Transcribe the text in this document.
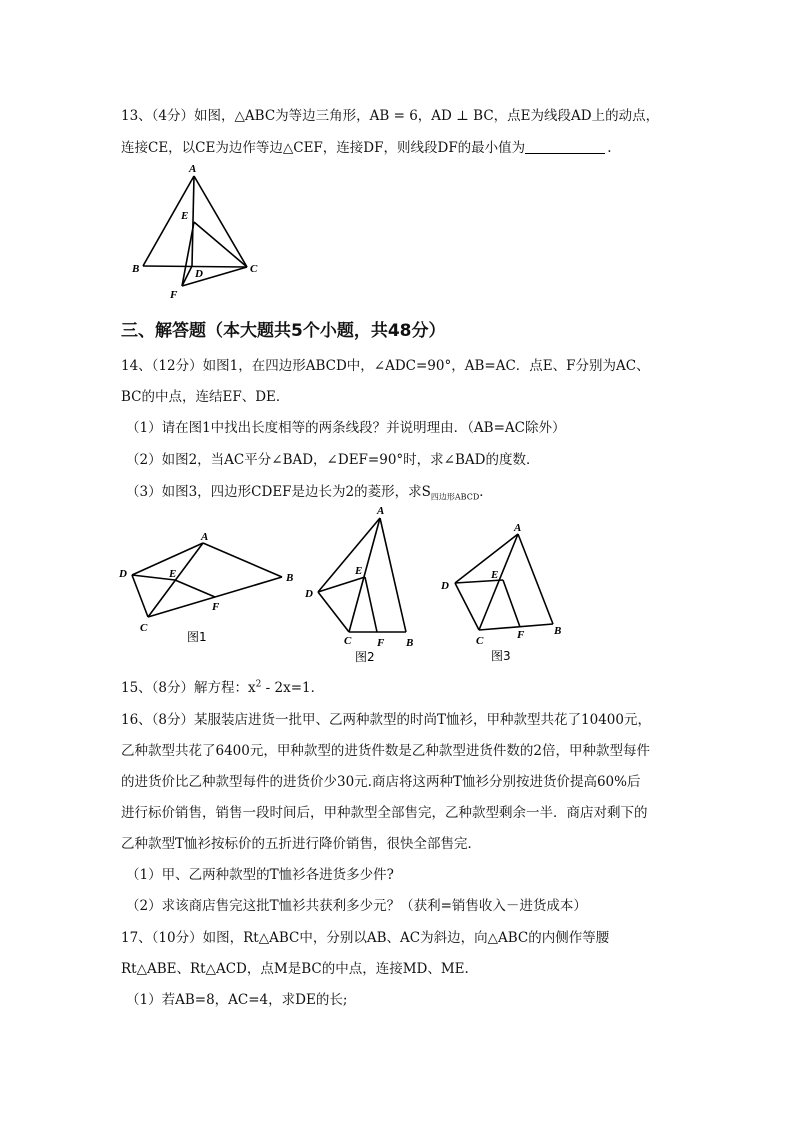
13、（4分）如图，△ABC为等边三角形，AB = 6，AD ⊥ BC，点E为线段AD上的动点，
连接CE，以CE为边作等边△CEF，连接DF，则线段DF的最小值为	.
A
E
B	C
D
F
三、解答题（本大题共5个小题，共48分）
14、（12分）如图1，在四边形ABCD中，∠ADC=90°，AB=AC．点E、F分别为AC、
BC的中点，连结EF、DE．
（1）请在图1中找出长度相等的两条线段？并说明理由．（AB=AC除外）
（2）如图2，当AC平分∠BAD，∠DEF=90°时，求∠BAD的度数．
（3）如图3，四边形CDEF是边长为2的菱形，求$S_{四边形ABCD}$．
D
A
B
C
E
F
图1
A
D
E
C F B
图2
A
D
E
C	F	B
图3
15、（8分）解方程：$x^2 - 2x=1$．
16、（8分）某服装店进货一批甲、乙两种款型的时尚T恤衫，甲种款型共花了10400元，
乙种款型共花了6400元，甲种款型的进货件数是乙种款型进货件数的2倍，甲种款型每件
的进货价比乙种款型每件的进货价少30元.商店将这两种T恤衫分别按进货价提高60%后
进行标价销售，销售一段时间后，甲种款型全部售完，乙种款型剩余一半．商店对剩下的
乙种款型T恤衫按标价的五折进行降价销售，很快全部售完．
（1）甲、乙两种款型的T恤衫各进货多少件?
（2）求该商店售完这批T恤衫共获利多少元？（获利=销售收入－进货成本）
17、（10分）如图，Rt△ABC中，分别以AB、AC为斜边，向△ABC的内侧作等腰
Rt△ABE、Rt△ACD，点M是BC的中点，连接MD、ME.
（1）若AB=8，AC=4，求DE的长;
